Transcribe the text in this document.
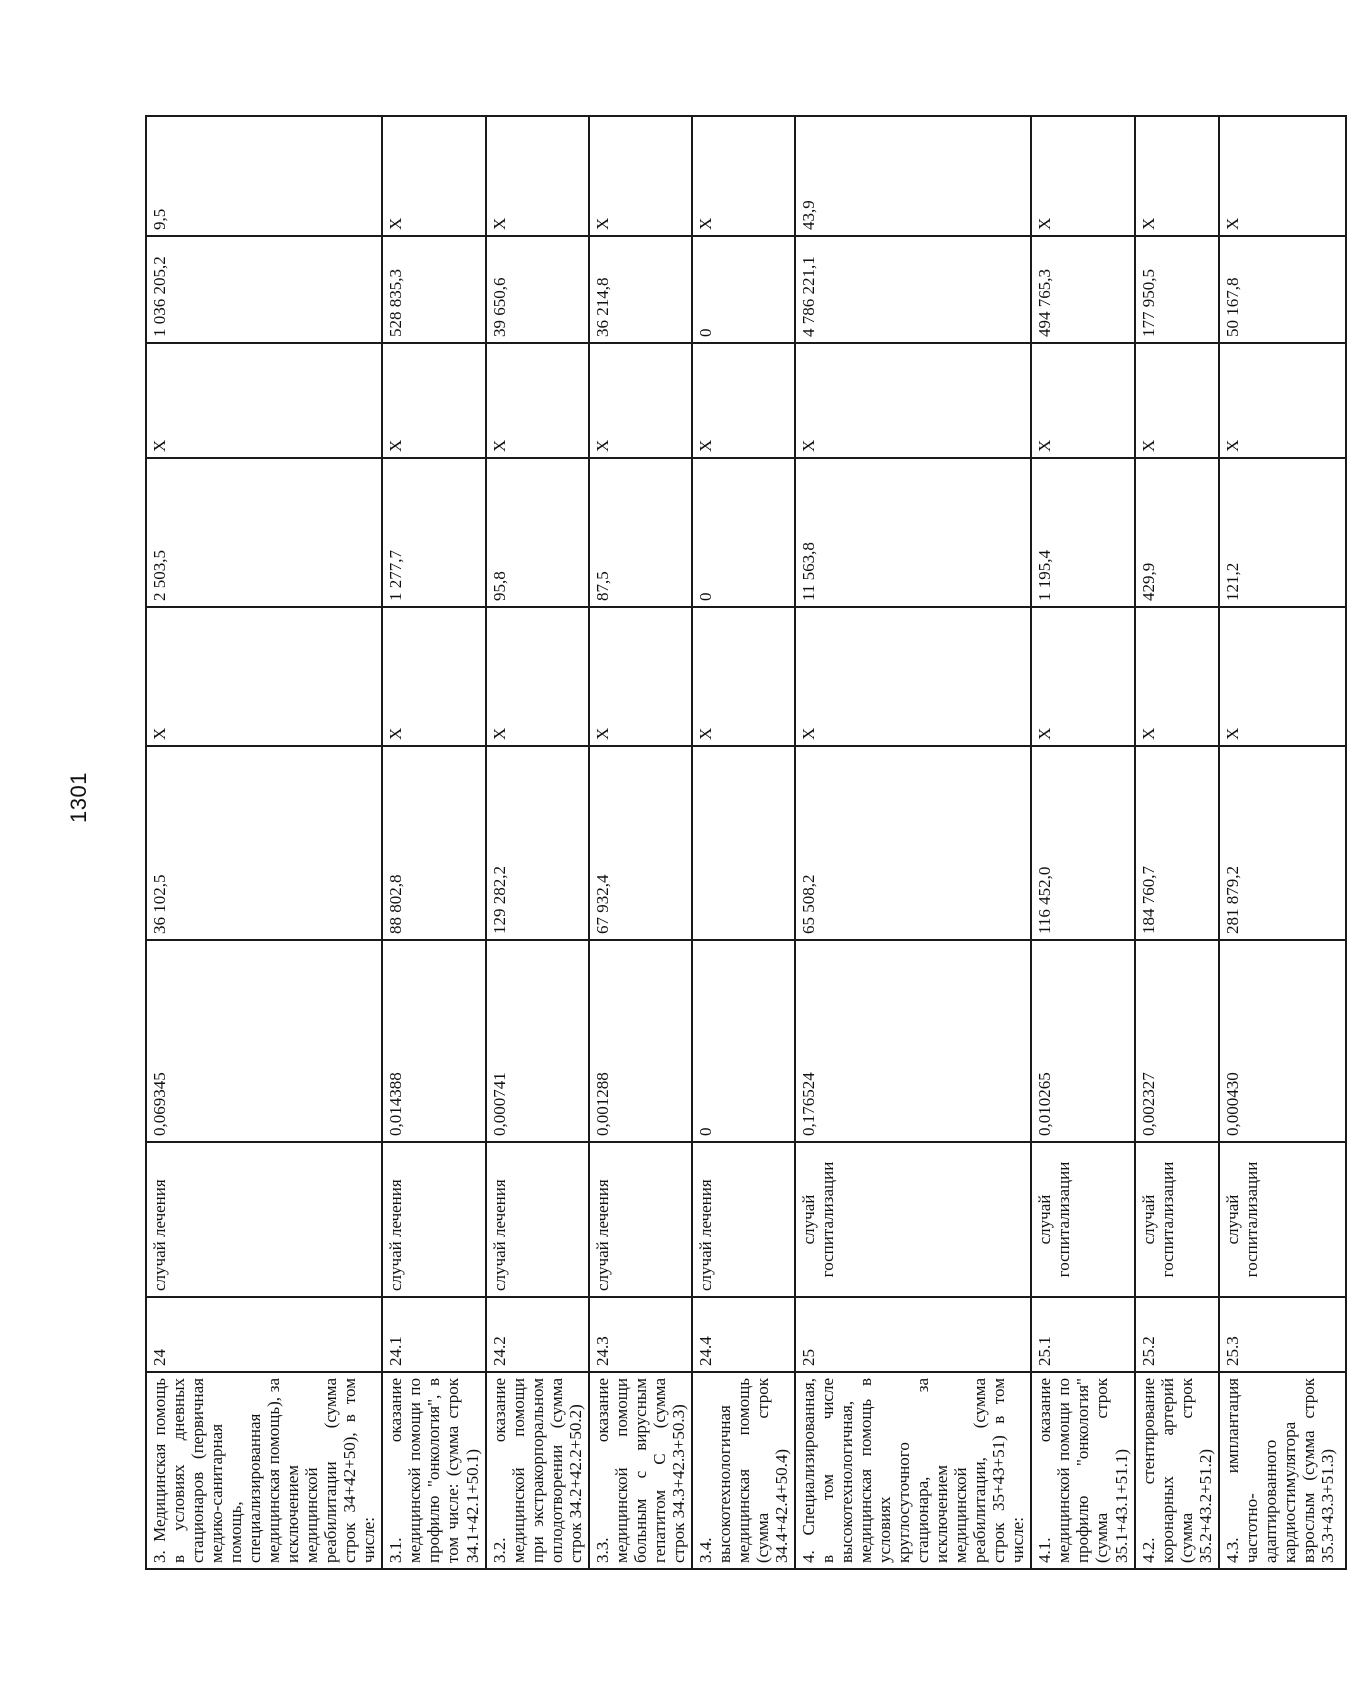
1301
3. Медицинская помощь в условиях дневных стационаров (первичная медико-санитарная помощь, специализированная медицинская помощь), за исключением медицинской реабилитации (сумма строк 34+42+50), в том числе:	24	случай лечения	0,069345	36 102,5	X	2 503,5	X	1 036 205,2	9,5
3.1. оказание медицинской помощи по профилю "онкология", в том числе: (сумма строк 34.1+42.1+50.1)	24.1	случай лечения	0,014388	88 802,8	X	1 277,7	X	528 835,3	X
3.2. оказание медицинской помощи при экстракорпоральном оплодотворении (сумма строк 34.2+42.2+50.2)	24.2	случай лечения	0,000741	129 282,2	X	95,8	X	39 650,6	X
3.3. оказание медицинской помощи больным с вирусным гепатитом С (сумма строк 34.3+42.3+50.3)	24.3	случай лечения	0,001288	67 932,4	X	87,5	X	36 214,8	X
3.4. высокотехнологичная медицинская помощь (сумма строк 34.4+42.4+50.4)	24.4	случай лечения	0		X	0	X	0	X
4. Специализированная, в том числе высокотехнологичная, медицинская помощь в условиях круглосуточного стационара, за исключением медицинской реабилитации, (сумма строк 35+43+51) в том числе:	25	случай госпитализации	0,176524	65 508,2	X	11 563,8	X	4 786 221,1	43,9
4.1. оказание медицинской помощи по профилю "онкология" (сумма строк 35.1+43.1+51.1)	25.1	случай госпитализации	0,010265	116 452,0	X	1 195,4	X	494 765,3	X
4.2. стентирование коронарных артерий (сумма строк 35.2+43.2+51.2)	25.2	случай госпитализации	0,002327	184 760,7	X	429,9	X	177 950,5	X
4.3. имплантация частотно-адаптированного кардиостимулятора взрослым (сумма строк 35.3+43.3+51.3)	25.3	случай госпитализации	0,000430	281 879,2	X	121,2	X	50 167,8	X
